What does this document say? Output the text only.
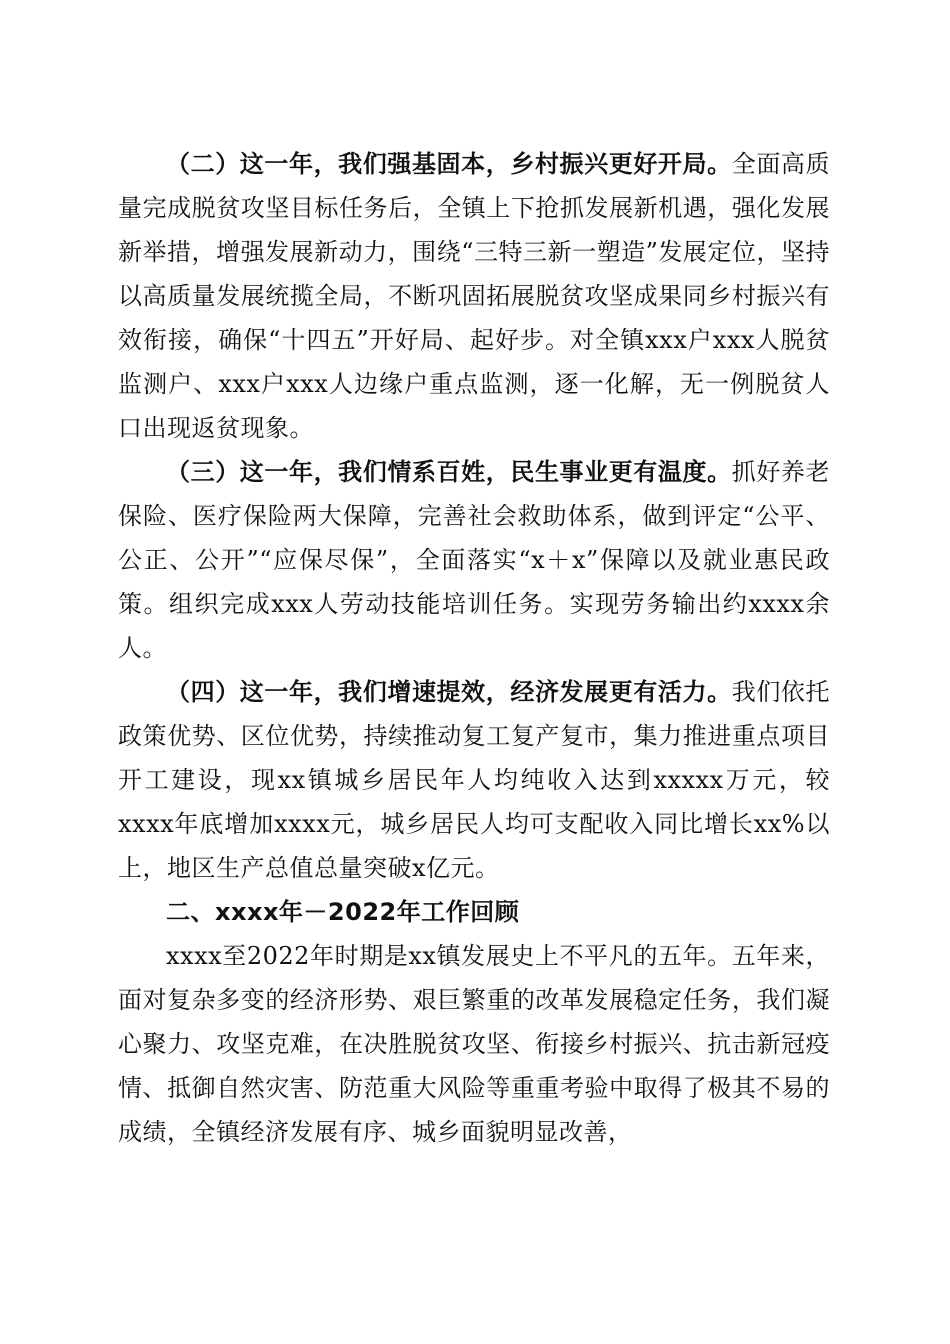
（二）这一年，我们强基固本，乡村振兴更好开局。全面高质量完成脱贫攻坚目标任务后，全镇上下抢抓发展新机遇，强化发展新举措，增强发展新动力，围绕“三特三新一塑造”发展定位，坚持以高质量发展统揽全局，不断巩固拓展脱贫攻坚成果同乡村振兴有效衔接，确保“十四五”开好局、起好步。对全镇xxx户xxx人脱贫监测户、xxx户xxx人边缘户重点监测，逐一化解，无一例脱贫人口出现返贫现象。

（三）这一年，我们情系百姓，民生事业更有温度。抓好养老保险、医疗保险两大保障，完善社会救助体系，做到评定“公平、公正、公开”“应保尽保”，全面落实“x＋x”保障以及就业惠民政策。组织完成xxx人劳动技能培训任务。实现劳务输出约xxxx余人。

（四）这一年，我们增速提效，经济发展更有活力。我们依托政策优势、区位优势，持续推动复工复产复市，集力推进重点项目开工建设，现xx镇城乡居民年人均纯收入达到xxxxx万元，较xxxx年底增加xxxx元，城乡居民人均可支配收入同比增长xx%以上，地区生产总值总量突破x亿元。

二、xxxx年－2022年工作回顾

xxxx至2022年时期是xx镇发展史上不平凡的五年。五年来，面对复杂多变的经济形势、艰巨繁重的改革发展稳定任务，我们凝心聚力、攻坚克难，在决胜脱贫攻坚、衔接乡村振兴、抗击新冠疫情、抵御自然灾害、防范重大风险等重重考验中取得了极其不易的成绩，全镇经济发展有序、城乡面貌明显改善，
